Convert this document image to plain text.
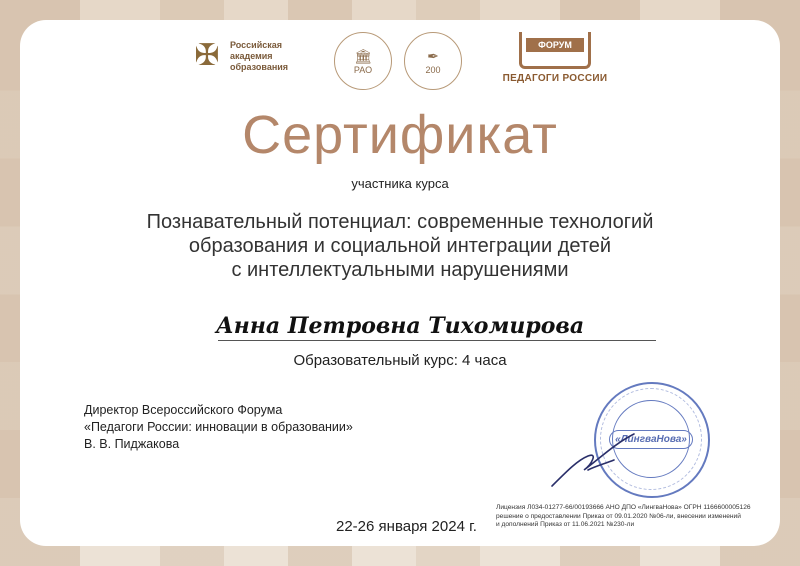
✠	Российская
академия
образования
🏛
РАО
✒
200
ФОРУМ
ПЕДАГОГИ РОССИИ
Сертификат
участника курса
Познавательный потенциал: современные технологий
образования и социальной интеграции детей
с интеллектуальными нарушениями
Анна Петровна Тихомирова
Образовательный курс: 4 часа
Директор Всероссийского Форума
«Педагоги России: инновации в образовании»
В. В. Пиджакова	«ЛингваНова»
Лицензия Л034-01277-66/00193666 АНО ДПО «ЛингваНова» ОГРН 1166600005126
решение о предоставлении Приказ от 09.01.2020 №06-ли, внесении изменений
и дополнений Приказ от 11.06.2021 №230-ли
22-26 января 2024 г.
